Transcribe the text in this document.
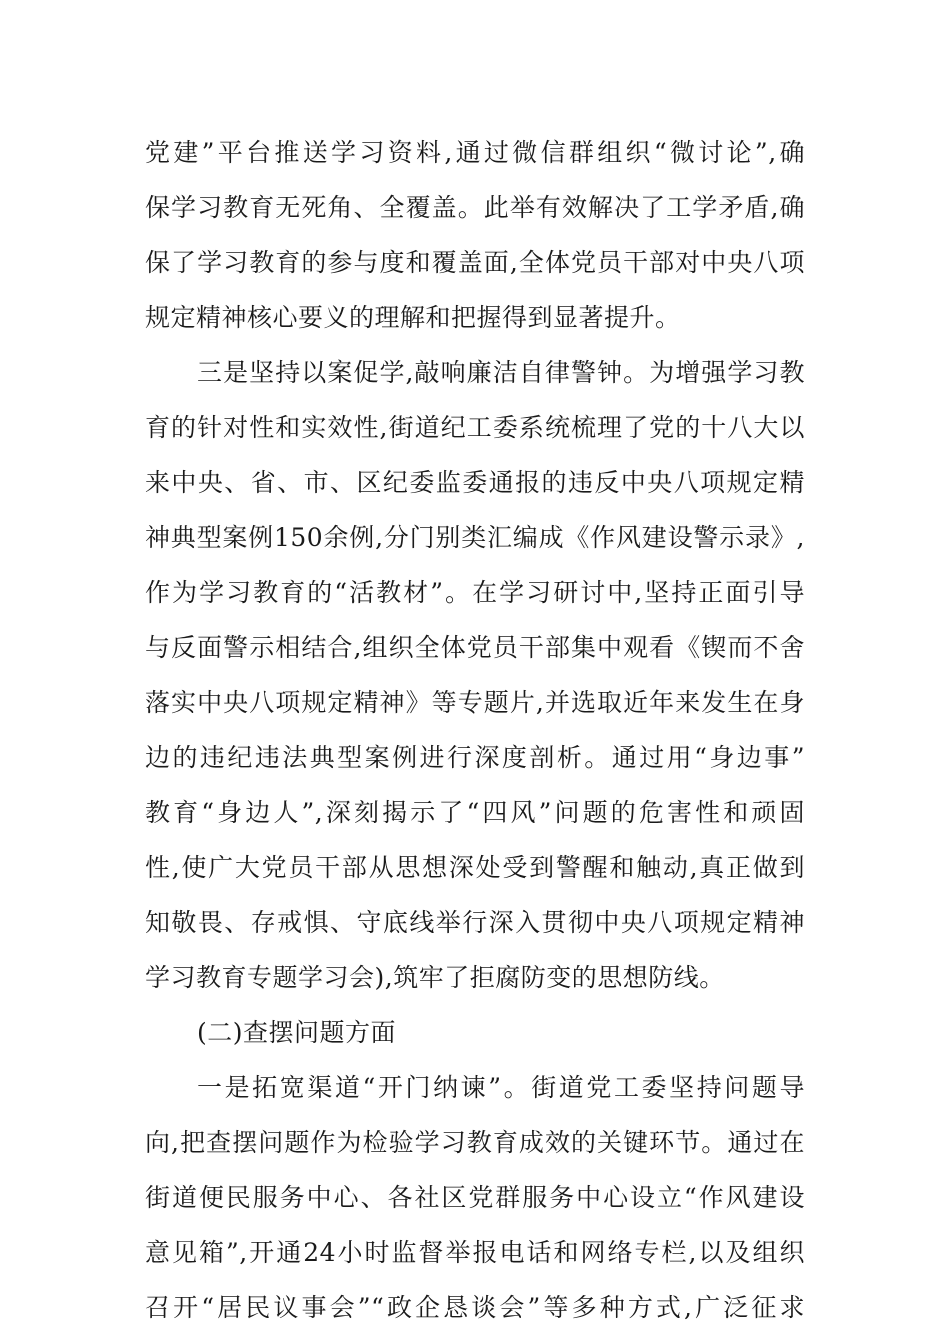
党建”平台推送学习资料,通过微信群组织“微讨论”,确
保学习教育无死角、全覆盖。此举有效解决了工学矛盾,确
保了学习教育的参与度和覆盖面,全体党员干部对中央八项
规定精神核心要义的理解和把握得到显著提升。
三是坚持以案促学,敲响廉洁自律警钟。为增强学习教
育的针对性和实效性,街道纪工委系统梳理了党的十八大以
来中央、省、市、区纪委监委通报的违反中央八项规定精
神典型案例150余例,分门别类汇编成《作风建设警示录》,
作为学习教育的“活教材”。在学习研讨中,坚持正面引导
与反面警示相结合,组织全体党员干部集中观看《锲而不舍
落实中央八项规定精神》等专题片,并选取近年来发生在身
边的违纪违法典型案例进行深度剖析。通过用“身边事”
教育“身边人”,深刻揭示了“四风”问题的危害性和顽固
性,使广大党员干部从思想深处受到警醒和触动,真正做到
知敬畏、存戒惧、守底线举行深入贯彻中央八项规定精神
学习教育专题学习会),筑牢了拒腐防变的思想防线。
(二)查摆问题方面
一是拓宽渠道“开门纳谏”。街道党工委坚持问题导
向,把查摆问题作为检验学习教育成效的关键环节。通过在
街道便民服务中心、各社区党群服务中心设立“作风建设
意见箱”,开通24小时监督举报电话和网络专栏,以及组织
召开“居民议事会”“政企恳谈会”等多种方式,广泛征求
